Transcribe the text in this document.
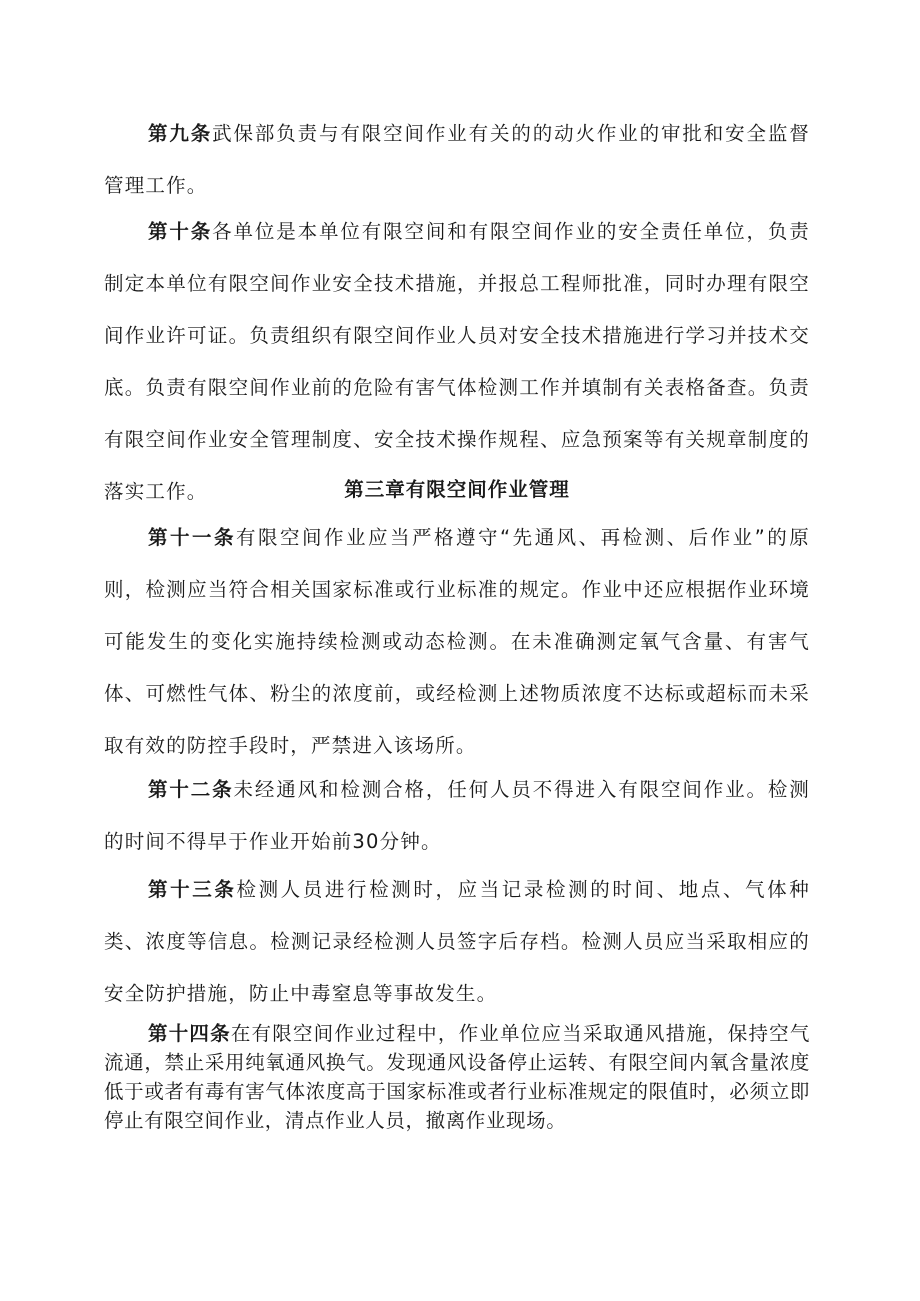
第九条武保部负责与有限空间作业有关的的动火作业的审批和安全监督管理工作。

第十条各单位是本单位有限空间和有限空间作业的安全责任单位，负责制定本单位有限空间作业安全技术措施，并报总工程师批准，同时办理有限空间作业许可证。负责组织有限空间作业人员对安全技术措施进行学习并技术交底。负责有限空间作业前的危险有害气体检测工作并填制有关表格备查。负责有限空间作业安全管理制度、安全技术操作规程、应急预案等有关规章制度的落实工作。	第三章有限空间作业管理

第十一条有限空间作业应当严格遵守“先通风、再检测、后作业”的原则，检测应当符合相关国家标准或行业标准的规定。作业中还应根据作业环境可能发生的变化实施持续检测或动态检测。在未准确测定氧气含量、有害气体、可燃性气体、粉尘的浓度前，或经检测上述物质浓度不达标或超标而未采取有效的防控手段时，严禁进入该场所。

第十二条未经通风和检测合格，任何人员不得进入有限空间作业。检测的时间不得早于作业开始前30分钟。

第十三条检测人员进行检测时，应当记录检测的时间、地点、气体种类、浓度等信息。检测记录经检测人员签字后存档。检测人员应当采取相应的安全防护措施，防止中毒窒息等事故发生。

第十四条在有限空间作业过程中，作业单位应当采取通风措施，保持空气流通，禁止采用纯氧通风换气。发现通风设备停止运转、有限空间内氧含量浓度低于或者有毒有害气体浓度高于国家标准或者行业标准规定的限值时，必须立即停止有限空间作业，清点作业人员，撤离作业现场。
